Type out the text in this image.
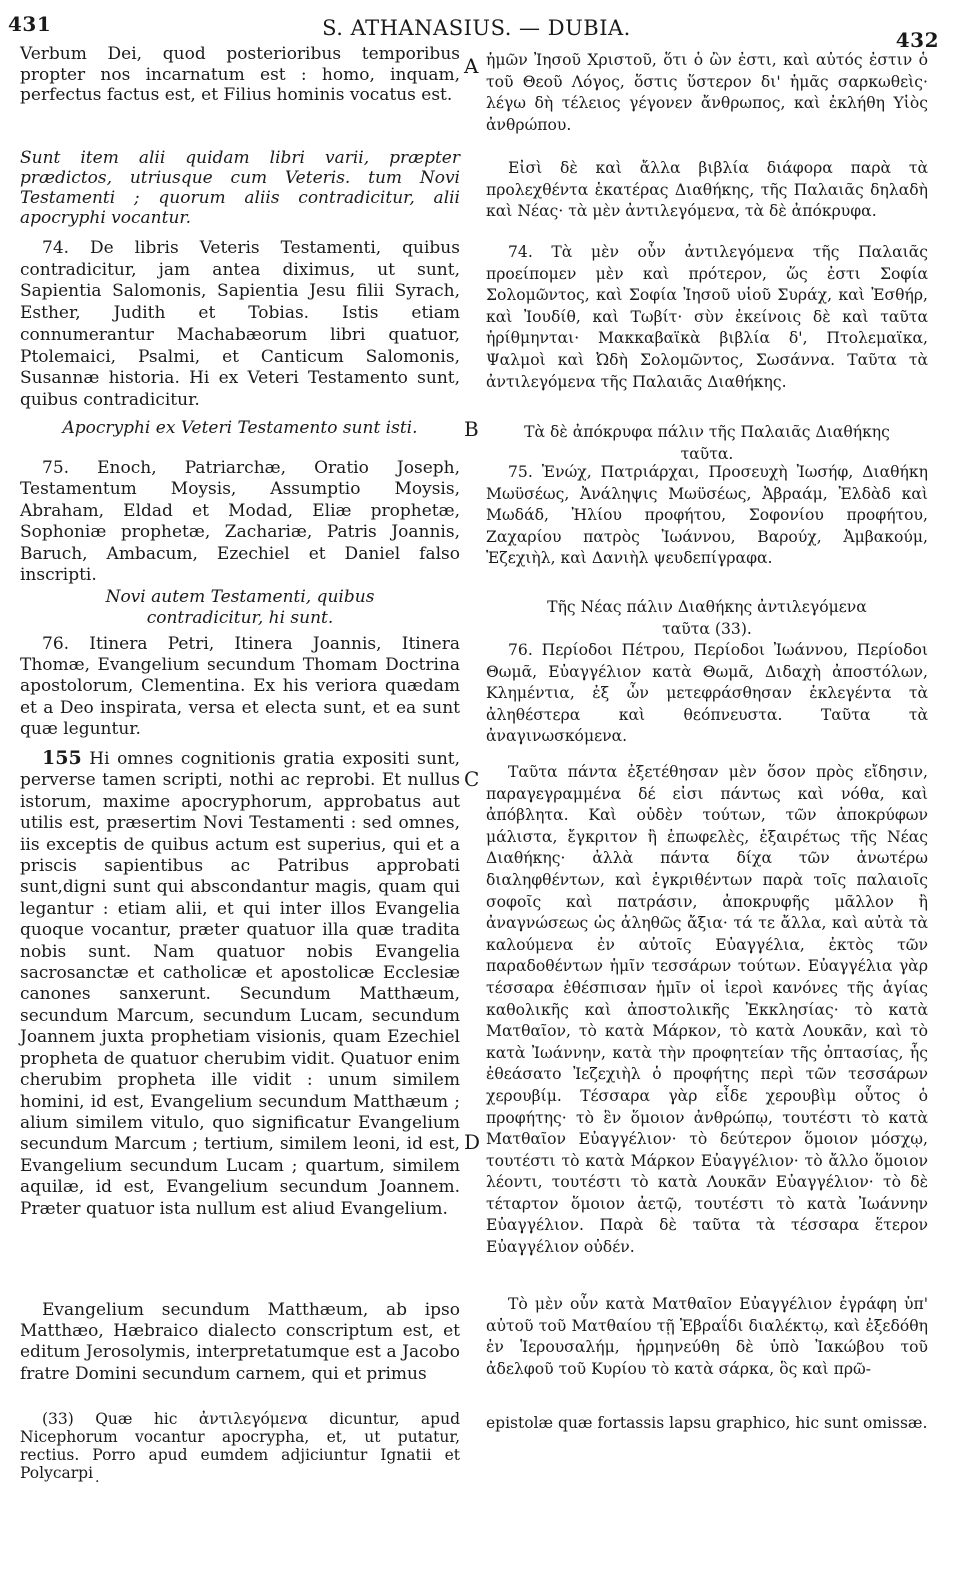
431	S. ATHANASIUS. — DUBIA.	432

Verbum Dei, quod posterioribus temporibus propter nos incarnatum est : homo, inquam, perfectus factus est, et Filius hominis vocatus est.

Sunt item alii quidam libri varii, præpter prædictos, utriusque cum Veteris. tum Novi Testamenti ; quorum aliis contradicitur, alii apocryphi vocantur.

74. De libris Veteris Testamenti, quibus contradicitur, jam antea diximus, ut sunt, Sapientia Salomonis, Sapientia Jesu filii Syrach, Esther, Judith et Tobias. Istis etiam connumerantur Machabæorum libri quatuor, Ptolemaici, Psalmi, et Canticum Salomonis, Susannæ historia. Hi ex Veteri Testamento sunt, quibus contradicitur.

Apocryphi ex Veteri Testamento sunt isti.

75. Enoch, Patriarchæ, Oratio Joseph, Testamentum Moysis, Assumptio Moysis, Abraham, Eldad et Modad, Eliæ prophetæ, Sophoniæ prophetæ, Zachariæ, Patris Joannis, Baruch, Ambacum, Ezechiel et Daniel falso inscripti.

Novi autem Testamenti, quibus contradicitur, hi sunt.

76. Itinera Petri, Itinera Joannis, Itinera Thomæ, Evangelium secundum Thomam Doctrina apostolorum, Clementina. Ex his veriora quædam et a Deo inspirata, versa et electa sunt, et ea sunt quæ leguntur.

155 Hi omnes cognitionis gratia expositi sunt, perverse tamen scripti, nothi ac reprobi. Et nullus istorum, maxime apocryphorum, approbatus aut utilis est, præsertim Novi Testamenti : sed omnes, iis exceptis de quibus actum est superius, qui et a priscis sapientibus ac Patribus approbati sunt,digni sunt qui abscondantur magis, quam qui legantur : etiam alii, et qui inter illos Evangelia quoque vocantur, præter quatuor illa quæ tradita nobis sunt. Nam quatuor nobis Evangelia sacrosanctæ et catholicæ et apostolicæ Ecclesiæ canones sanxerunt. Secundum Matthæum, secundum Marcum, secundum Lucam, secundum Joannem juxta prophetiam visionis, quam Ezechiel propheta de quatuor cherubim vidit. Quatuor enim cherubim propheta ille vidit : unum similem homini, id est, Evangelium secundum Matthæum ; alium similem vitulo, quo significatur Evangelium secundum Marcum ; tertium, similem leoni, id est, Evangelium secundum Lucam ; quartum, similem aquilæ, id est, Evangelium secundum Joannem. Præter quatuor ista nullum est aliud Evangelium.

Evangelium secundum Matthæum, ab ipso Matthæo, Hæbraico dialecto conscriptum est, et editum Jerosolymis, interpretatumque est a Jacobo fratre Domini secundum carnem, qui et primus

(33) Quæ hic ἀντιλεγόμενα dicuntur, apud Nicephorum vocantur apocrypha, et, ut putatur, rectius. Porro apud eumdem adjiciuntur Ignatii et Polycarpi

A
B
C
D

ἡμῶν Ἰησοῦ Χριστοῦ, ὅτι ὁ ὢν ἐστι, καὶ αὐτός ἐστιν ὁ τοῦ Θεοῦ Λόγος, ὅστις ὕστερον δι' ἡμᾶς σαρκωθεὶς· λέγω δὴ τέλειος γέγονεν ἄνθρωπος, καὶ ἐκλήθη Υἱὸς ἀνθρώπου.

Εἰσὶ δὲ καὶ ἄλλα βιβλία διάφορα παρὰ τὰ προλεχθέντα ἑκατέρας Διαθήκης, τῆς Παλαιᾶς δηλαδὴ καὶ Νέας· τὰ μὲν ἀντιλεγόμενα, τὰ δὲ ἀπόκρυφα.

74. Τὰ μὲν οὖν ἀντιλεγόμενα τῆς Παλαιᾶς προείπομεν μὲν καὶ πρότερον, ὥς ἐστι Σοφία Σολομῶντος, καὶ Σοφία Ἰησοῦ υἱοῦ Συράχ, καὶ Ἐσθήρ, καὶ Ἰουδίθ, καὶ Τωβίτ· σὺν ἐκείνοις δὲ καὶ ταῦτα ἠρίθμηνται· Μακκαβαϊκὰ βιβλία δ', Πτολεμαϊκα, Ψαλμοὶ καὶ Ὠδὴ Σολομῶντος, Σωσάννα. Ταῦτα τὰ ἀντιλεγόμενα τῆς Παλαιᾶς Διαθήκης.

Τὰ δὲ ἀπόκρυφα πάλιν τῆς Παλαιᾶς Διαθήκης ταῦτα.

75. Ἐνώχ, Πατριάρχαι, Προσευχὴ Ἰωσήφ, Διαθήκη Μωϋσέως, Ἀνάληψις Μωϋσέως, Ἀβραάμ, Ἐλδὰδ καὶ Μωδάδ, Ἠλίου προφήτου, Σοφονίου προφήτου, Ζαχαρίου πατρὸς Ἰωάννου, Βαρούχ, Ἀμβακούμ, Ἐζεχιὴλ, καὶ Δανιὴλ ψευδεπίγραφα.

Τῆς Νέας πάλιν Διαθήκης ἀντιλεγόμενα ταῦτα (33).

76. Περίοδοι Πέτρου, Περίοδοι Ἰωάννου, Περίοδοι Θωμᾶ, Εὐαγγέλιον κατὰ Θωμᾶ, Διδαχὴ ἀποστόλων, Κλημέντια, ἐξ ὧν μετεφράσθησαν ἐκλεγέντα τὰ ἀληθέστερα καὶ θεόπνευστα. Ταῦτα τὰ ἀναγινωσκόμενα.

Ταῦτα πάντα ἐξετέθησαν μὲν ὅσον πρὸς εἴδησιν, παραγεγραμμένα δέ εἰσι πάντως καὶ νόθα, καὶ ἀπόβλητα. Καὶ οὐδὲν τούτων, τῶν ἀποκρύφων μάλιστα, ἔγκριτον ἢ ἐπωφελὲς, ἐξαιρέτως τῆς Νέας Διαθήκης· ἀλλὰ πάντα δίχα τῶν ἀνωτέρω διαληφθέντων, καὶ ἐγκριθέντων παρὰ τοῖς παλαιοῖς σοφοῖς καὶ πατράσιν, ἀποκρυφῆς μᾶλλον ἢ ἀναγνώσεως ὡς ἀληθῶς ἄξια· τά τε ἄλλα, καὶ αὐτὰ τὰ καλούμενα ἐν αὐτοῖς Εὐαγγέλια, ἐκτὸς τῶν παραδοθέντων ἡμῖν τεσσάρων τούτων. Εὐαγγέλια γὰρ τέσσαρα ἐθέσπισαν ἡμῖν οἱ ἱεροὶ κανόνες τῆς ἁγίας καθολικῆς καὶ ἀποστολικῆς Ἐκκλησίας· τὸ κατὰ Ματθαῖον, τὸ κατὰ Μάρκον, τὸ κατὰ Λουκᾶν, καὶ τὸ κατὰ Ἰωάννην, κατὰ τὴν προφητείαν τῆς ὀπτασίας, ἧς ἐθεάσατο Ἰεζεχιὴλ ὁ προφήτης περὶ τῶν τεσσάρων χερουβίμ. Τέσσαρα γὰρ εἶδε χερουβὶμ οὗτος ὁ προφήτης· τὸ ἓν ὅμοιον ἀνθρώπῳ, τουτέστι τὸ κατὰ Ματθαῖον Εὐαγγέλιον· τὸ δεύτερον ὅμοιον μόσχῳ, τουτέστι τὸ κατὰ Μάρκον Εὐαγγέλιον· τὸ ἄλλο ὅμοιον λέοντι, τουτέστι τὸ κατὰ Λουκᾶν Εὐαγγέλιον· τὸ δὲ τέταρτον ὅμοιον ἀετῷ, τουτέστι τὸ κατὰ Ἰωάννην Εὐαγγέλιον. Παρὰ δὲ ταῦτα τὰ τέσσαρα ἕτερον Εὐαγγέλιον οὐδέν.

Τὸ μὲν οὖν κατὰ Ματθαῖον Εὐαγγέλιον ἐγράφη ὑπ' αὐτοῦ τοῦ Ματθαίου τῇ Ἑβραΐδι διαλέκτῳ, καὶ ἐξεδόθη ἐν Ἱερουσαλήμ, ἡρμηνεύθη δὲ ὑπὸ Ἰακώβου τοῦ ἀδελφοῦ τοῦ Κυρίου τὸ κατὰ σάρκα, ὃς καὶ πρῶ-

epistolæ quæ fortassis lapsu graphico, hic sunt omissæ.

.
